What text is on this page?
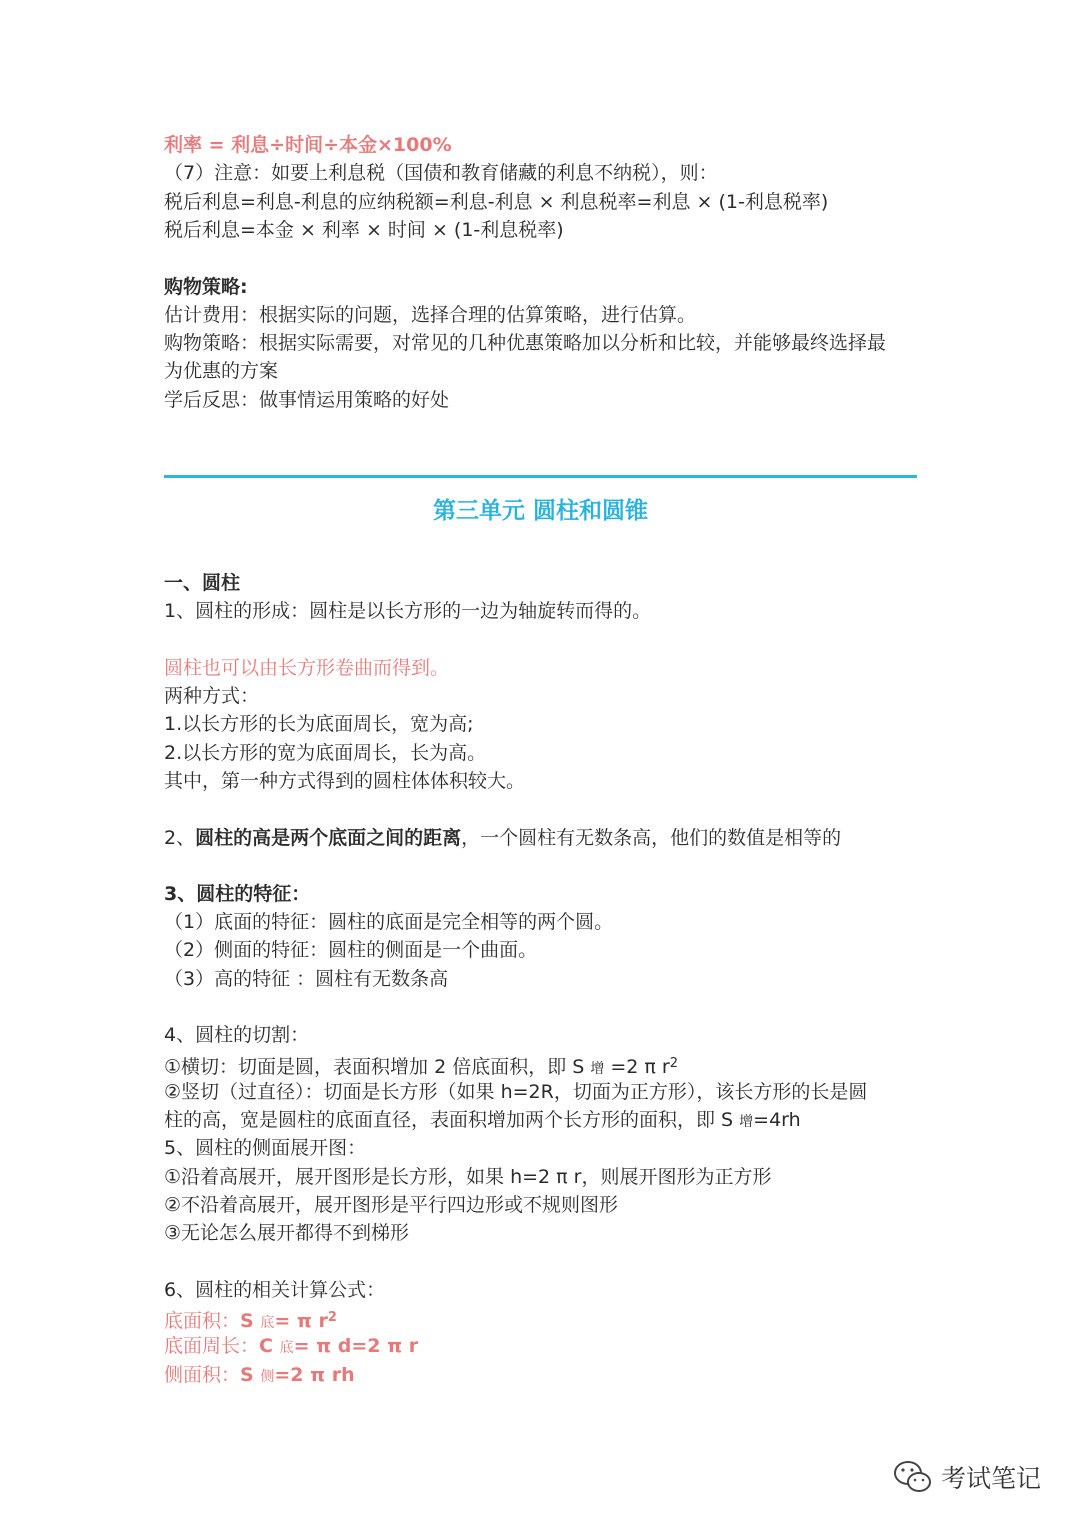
利率 = 利息÷时间÷本金×100%
（7）注意：如要上利息税（国债和教育储藏的利息不纳税），则：
税后利息=利息-利息的应纳税额=利息-利息 × 利息税率=利息 × (1-利息税率)
税后利息=本金 × 利率 × 时间 × (1-利息税率)
购物策略:
估计费用：根据实际的问题，选择合理的估算策略，进行估算。
购物策略：根据实际需要，对常见的几种优惠策略加以分析和比较，并能够最终选择最
为优惠的方案
学后反思：做事情运用策略的好处
第三单元 圆柱和圆锥
一、圆柱
1、圆柱的形成：圆柱是以长方形的一边为轴旋转而得的。
圆柱也可以由长方形卷曲而得到。
两种方式：
1.以长方形的长为底面周长，宽为高;
2.以长方形的宽为底面周长，长为高。
其中，第一种方式得到的圆柱体体积较大。
2、圆柱的高是两个底面之间的距离，一个圆柱有无数条高，他们的数值是相等的
3、圆柱的特征：
（1）底面的特征：圆柱的底面是完全相等的两个圆。
（2）侧面的特征：圆柱的侧面是一个曲面。
（3）高的特征 ：圆柱有无数条高
4、圆柱的切割：
①横切：切面是圆，表面积增加 2 倍底面积，即 S 增 =2 π $r^2$
②竖切（过直径）：切面是长方形（如果 h=2R，切面为正方形），该长方形的长是圆
柱的高，宽是圆柱的底面直径，表面积增加两个长方形的面积，即 S 增=4rh
5、圆柱的侧面展开图：
①沿着高展开，展开图形是长方形，如果 h=2 π r，则展开图形为正方形
②不沿着高展开，展开图形是平行四边形或不规则图形
③无论怎么展开都得不到梯形
6、圆柱的相关计算公式：
底面积：S 底= π $r^2$
底面周长：C 底= π d=2 π r
侧面积：S 侧=2 π rh
考试笔记
